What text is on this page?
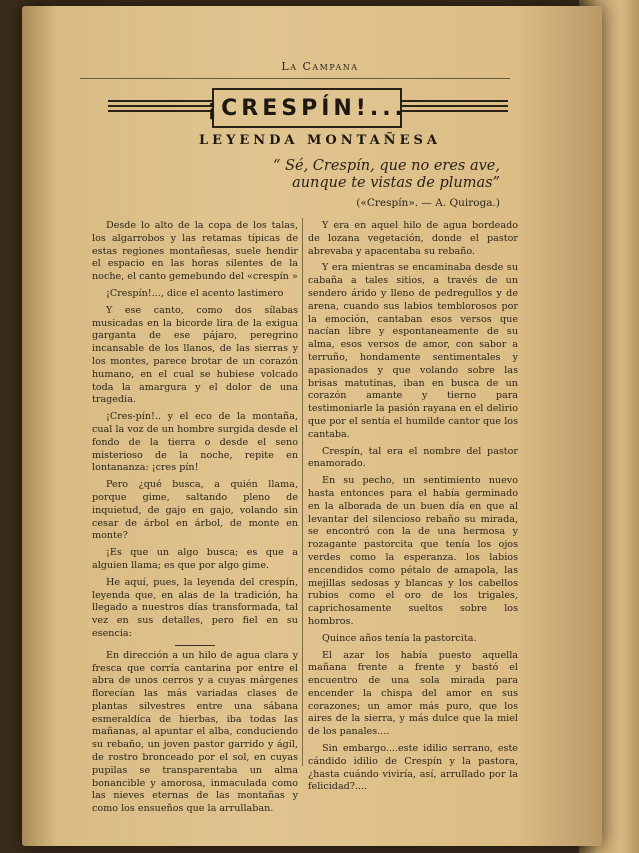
La Campana
¡CRESPÍN!...
LEYENDA MONTAÑESA
“ Sé, Crespín, que no eres ave,
aunque te vistas de plumas”
(«Crespín». — A. Quiroga.)

Desde lo alto de la copa de los talas, los algarrobos y las retamas típicas de estas regiones montañesas, suele hendir el espacio en las horas silentes de la noche, el canto gemebundo del «crespín »

¡Crespín!..., dice el acento lastimero

Y ese canto, como dos sílabas musicadas en la bicorde lira de la exigua garganta de ese pájaro, peregrino incansable de los llanos, de las sierras y los montes, parece brotar de un corazón humano, en el cual se hubiese volcado toda la amargura y el dolor de una tragedia.

¡Cres-pín!.. y el eco de la montaña, cual la voz de un hombre surgida desde el fondo de la tierra o desde el seno misterioso de la noche, repite en lontananza: ¡cres pín!

Pero ¿qué busca, a quién llama, porque gime, saltando pleno de inquietud, de gajo en gajo, volando sin cesar de árbol en árbol, de monte en monte?

¡Es que un algo busca; es que a alguien llama; es que por algo gime.

He aquí, pues, la leyenda del crespín, leyenda que, en alas de la tradición, ha llegado a nuestros días transformada, tal vez en sus detalles, pero fiel en su esencia:

En dirección a un hilo de agua clara y fresca que corría cantarina por entre el abra de unos cerros y a cuyas márgenes florecían las más variadas clases de plantas silvestres entre una sábana esmeraldíca de hierbas, iba todas las mañanas, al apuntar el alba, conduciendo su rebaño, un joven pastor garrido y ágil, de rostro bronceado por el sol, en cuyas pupilas se transparentaba un alma bonancible y amorosa, inmaculada como las nieves eternas de las montañas y como los ensueños que la arrullaban.

Y era en aquel hilo de agua bordeado de lozana vegetación, donde el pastor abrevaba y apacentaba su rebaño.

Y era mientras se encaminaba desde su cabaña a tales sitios, a través de un sendero árido y lleno de pedregullos y de arena, cuando sus labios temblorosos por la emoción, cantaban esos versos que nacían libre y espontaneamente de su alma, esos versos de amor, con sabor a terruño, hondamente sentimentales y apasionados y que volando sobre las brisas matutinas, iban en busca de un corazón amante y tierno para testimoniarle la pasión rayana en el delirio que por el sentía el humilde cantor que los cantaba.

Crespín, tal era el nombre del pastor enamorado.

En su pecho, un sentimiento nuevo hasta entonces para el había germinado en la alborada de un buen día en que al levantar del silencioso rebaño su mirada, se encontró con la de una hermosa y rozagante pastorcita que tenía los ojos verdes como la esperanza. los labios encendidos como pétalo de amapola, las mejillas sedosas y blancas y los cabellos rubios como el oro de los trigales, caprichosamente sueltos sobre los hombros.

Quince años tenía la pastorcita.

El azar los había puesto aquella mañana frente a frente y bastó el encuentro de una sola mirada para encender la chispa del amor en sus corazones; un amor más puro, que los aires de la sierra, y más dulce que la miel de los panales....

Sin embargo....este idilio serrano, este cándido idilio de Crespín y la pastora, ¿hasta cuándo viviría, así, arrullado por la felicidad?....
